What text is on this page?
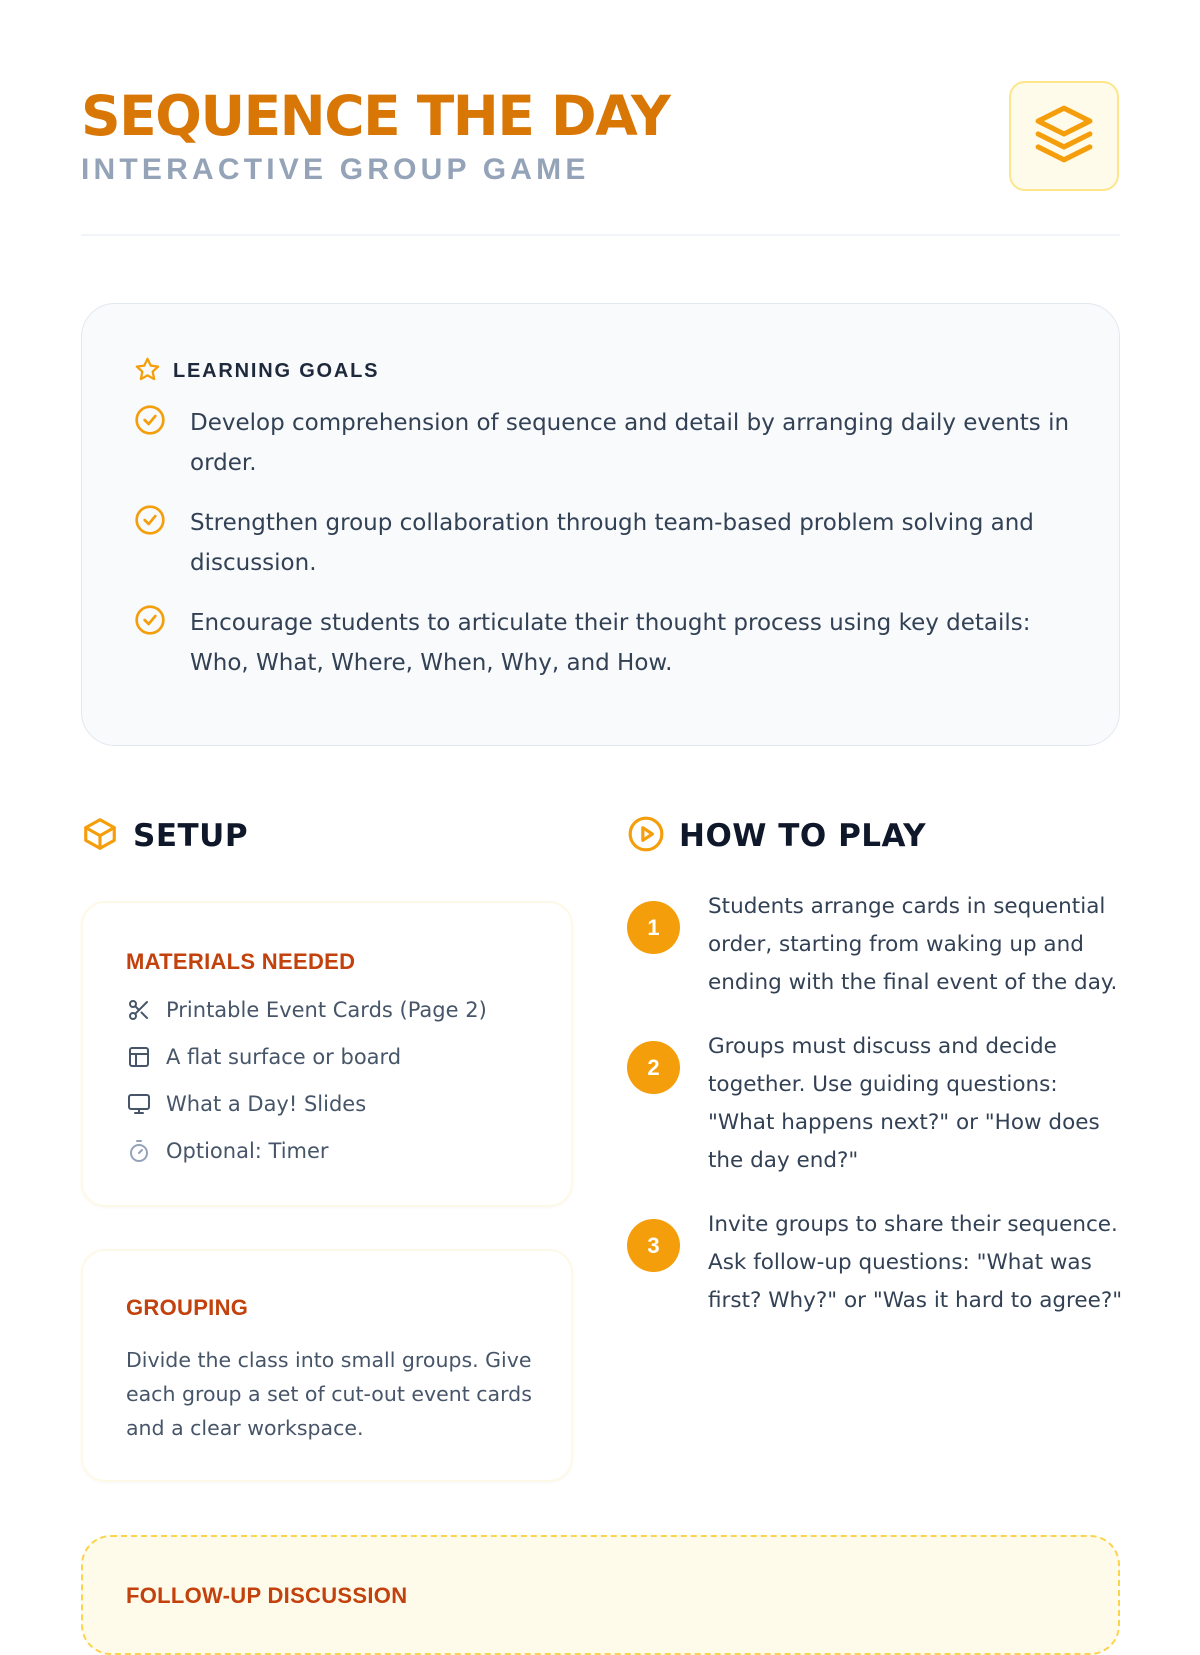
SEQUENCE THE DAY
INTERACTIVE GROUP GAME
LEARNING GOALS
Develop comprehension of sequence and detail by arranging daily events in order.
Strengthen group collaboration through team-based problem solving and discussion.
Encourage students to articulate their thought process using key details: Who, What, Where, When, Why, and How.
SETUP	HOW TO PLAY
MATERIALS NEEDED
Printable Event Cards (Page 2)
A flat surface or board
What a Day! Slides
Optional: Timer
GROUPING
Divide the class into small groups. Give each group a set of cut-out event cards and a clear workspace.
1
Students arrange cards in sequential order, starting from waking up and ending with the final event of the day.
2
Groups must discuss and decide together. Use guiding questions: "What happens next?" or "How does the day end?"
3
Invite groups to share their sequence. Ask follow-up questions: "What was first? Why?" or "Was it hard to agree?"
FOLLOW-UP DISCUSSION
